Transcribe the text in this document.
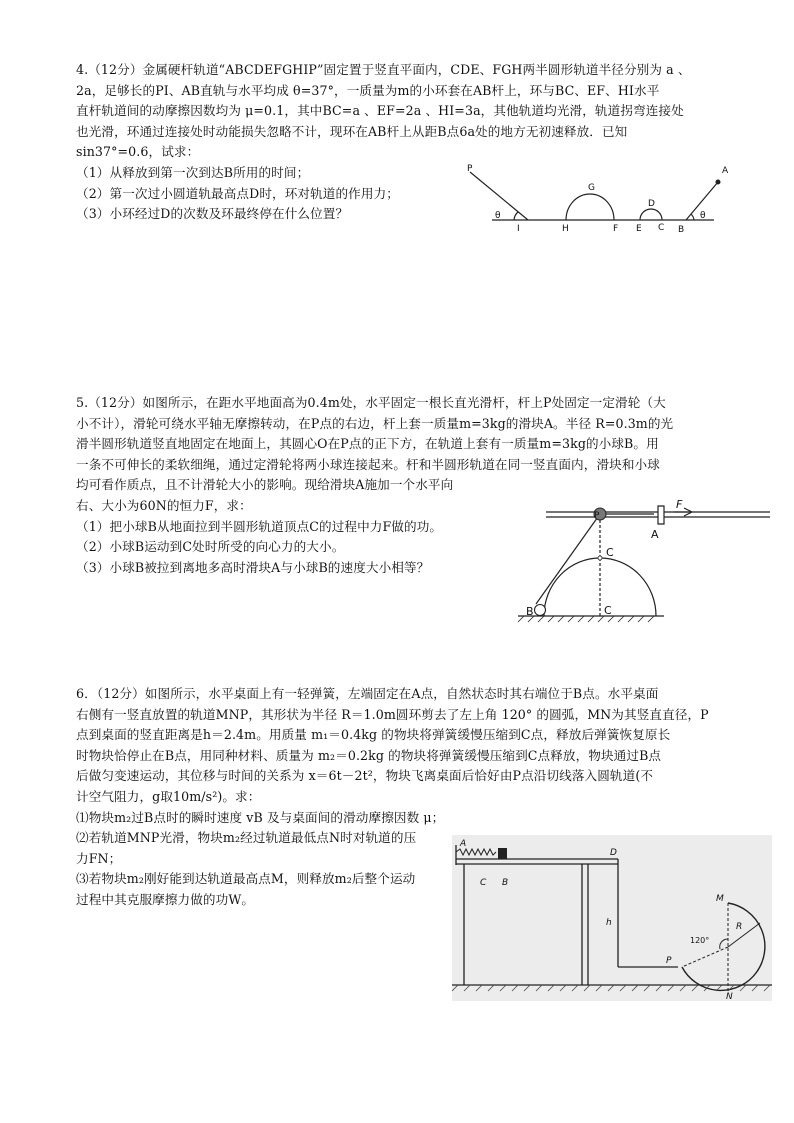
4.（12分）金属硬杆轨道“ABCDEFGHIP”固定置于竖直平面内，CDE、FGH两半圆形轨道半径分别为 a 、

2a，足够长的PI、AB直轨与水平均成 θ=37°，一质量为m的小环套在AB杆上，环与BC、EF、HI水平

直杆轨道间的动摩擦因数均为 μ=0.1，其中BC=a 、EF=2a 、HI=3a，其他轨道均光滑，轨道拐弯连接处

也光滑，环通过连接处时动能损失忽略不计，现环在AB杆上从距B点6a处的地方无初速释放．已知

sin37°=0.6，试求：

（1）从释放到第一次到达B所用的时间；

（2）第一次过小圆道轨最高点D时，环对轨道的作用力；

（3）小环经过D的次数及环最终停在什么位置？

P	A
G
D
θ	θ
I	H	F E C B

5.（12分）如图所示，在距水平地面高为0.4m处，水平固定一根长直光滑杆，杆上P处固定一定滑轮（大

小不计），滑轮可绕水平轴无摩擦转动，在P点的右边，杆上套一质量m=3kg的滑块A。半径 R=0.3m的光

滑半圆形轨道竖直地固定在地面上，其圆心O在P点的正下方，在轨道上套有一质量m=3kg的小球B。用

一条不可伸长的柔软细绳，通过定滑轮将两小球连接起来。杆和半圆形轨道在同一竖直面内，滑块和小球

均可看作质点，且不计滑轮大小的影响。现给滑块A施加一个水平向

右、大小为60N的恒力F，求：

（1）把小球B从地面拉到半圆形轨道顶点C的过程中力F做的功。

（2）小球B运动到C处时所受的向心力的大小。

（3）小球B被拉到离地多高时滑块A与小球B的速度大小相等？

P
F
A
C
B	C

6．（12分）如图所示，水平桌面上有一轻弹簧，左端固定在A点，自然状态时其右端位于B点。水平桌面

右侧有一竖直放置的轨道MNP，其形状为半径 R＝1.0m圆环剪去了左上角 120° 的圆弧，MN为其竖直直径，P

点到桌面的竖直距离是h＝2.4m。用质量 m₁＝0.4kg 的物块将弹簧缓慢压缩到C点，释放后弹簧恢复原长

时物块恰停止在B点，用同种材料、质量为 m₂＝0.2kg 的物块将弹簧缓慢压缩到C点释放，物块通过B点

后做匀变速运动，其位移与时间的关系为 x＝6t－2t²，物块飞离桌面后恰好由P点沿切线落入圆轨道(不

计空气阻力，g取10m/s²)。求：

⑴物块m₂过B点时的瞬时速度 vB 及与桌面间的滑动摩擦因数 μ；

⑵若轨道MNP光滑，物块m₂经过轨道最低点N时对轨道的压

力FN；

⑶若物块m₂刚好能到达轨道最高点M，则释放m₂后整个运动

过程中其克服摩擦力做的功W。

A
C B
D
h
M
R
120°
P
N
